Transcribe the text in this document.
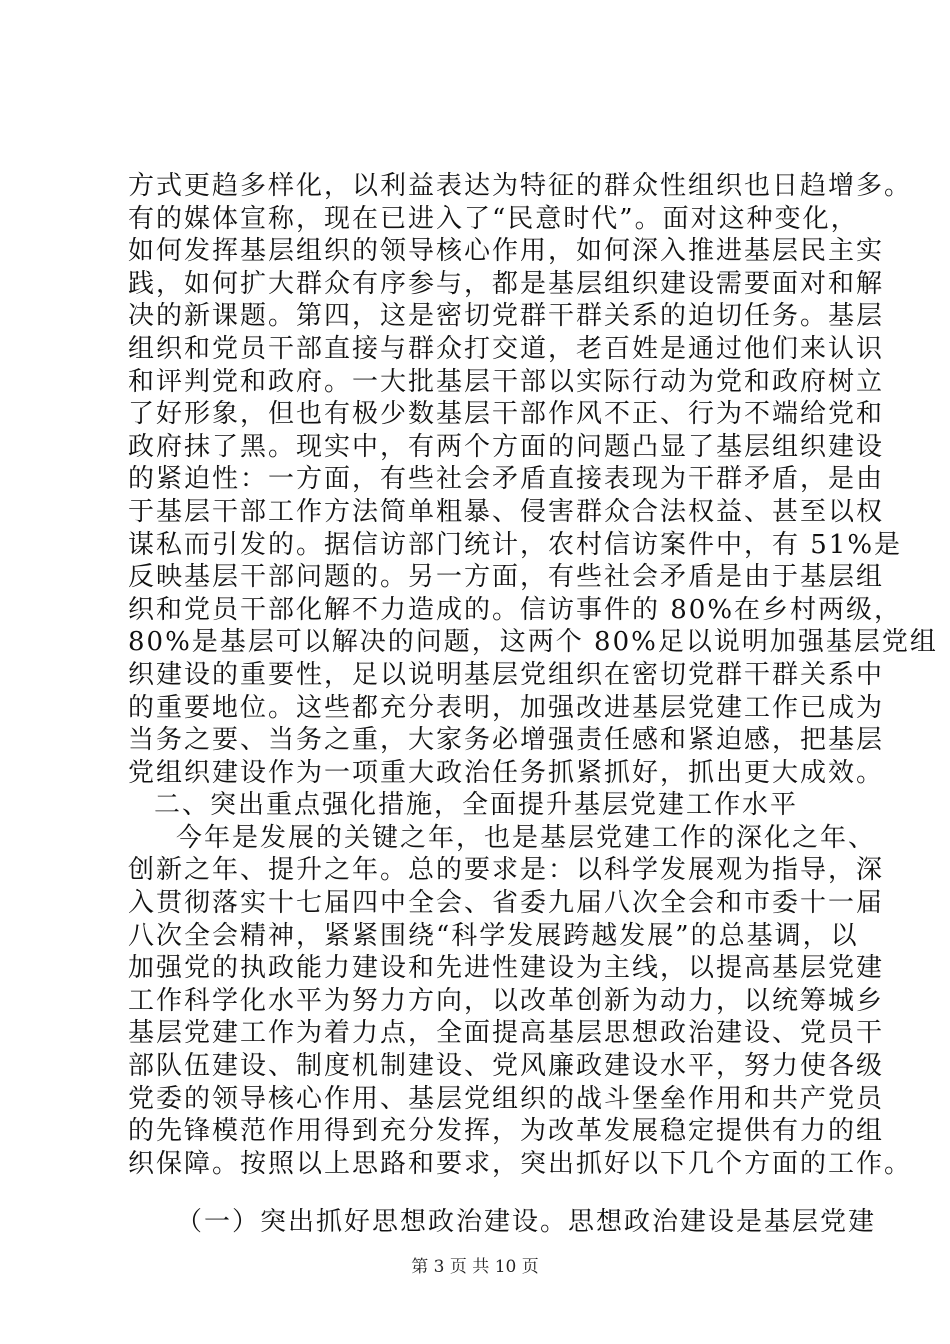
方式更趋多样化，以利益表达为特征的群众性组织也日趋增多。
有的媒体宣称，现在已进入了“民意时代”。面对这种变化，
如何发挥基层组织的领导核心作用，如何深入推进基层民主实
践，如何扩大群众有序参与，都是基层组织建设需要面对和解
决的新课题。第四，这是密切党群干群关系的迫切任务。基层
组织和党员干部直接与群众打交道，老百姓是通过他们来认识
和评判党和政府。一大批基层干部以实际行动为党和政府树立
了好形象，但也有极少数基层干部作风不正、行为不端给党和
政府抹了黑。现实中，有两个方面的问题凸显了基层组织建设
的紧迫性：一方面，有些社会矛盾直接表现为干群矛盾，是由
于基层干部工作方法简单粗暴、侵害群众合法权益、甚至以权
谋私而引发的。据信访部门统计，农村信访案件中，有 51%是
反映基层干部问题的。另一方面，有些社会矛盾是由于基层组
织和党员干部化解不力造成的。信访事件的 80%在乡村两级，
80%是基层可以解决的问题，这两个 80%足以说明加强基层党组
织建设的重要性，足以说明基层党组织在密切党群干群关系中
的重要地位。这些都充分表明，加强改进基层党建工作已成为
当务之要、当务之重，大家务必增强责任感和紧迫感，把基层
党组织建设作为一项重大政治任务抓紧抓好，抓出更大成效。
二、突出重点强化措施，全面提升基层党建工作水平
今年是发展的关键之年，也是基层党建工作的深化之年、
创新之年、提升之年。总的要求是：以科学发展观为指导，深
入贯彻落实十七届四中全会、省委九届八次全会和市委十一届
八次全会精神，紧紧围绕“科学发展跨越发展”的总基调，以
加强党的执政能力建设和先进性建设为主线，以提高基层党建
工作科学化水平为努力方向，以改革创新为动力，以统筹城乡
基层党建工作为着力点，全面提高基层思想政治建设、党员干
部队伍建设、制度机制建设、党风廉政建设水平，努力使各级
党委的领导核心作用、基层党组织的战斗堡垒作用和共产党员
的先锋模范作用得到充分发挥，为改革发展稳定提供有力的组
织保障。按照以上思路和要求，突出抓好以下几个方面的工作。
（一）突出抓好思想政治建设。思想政治建设是基层党建
第 3 页 共 10 页
